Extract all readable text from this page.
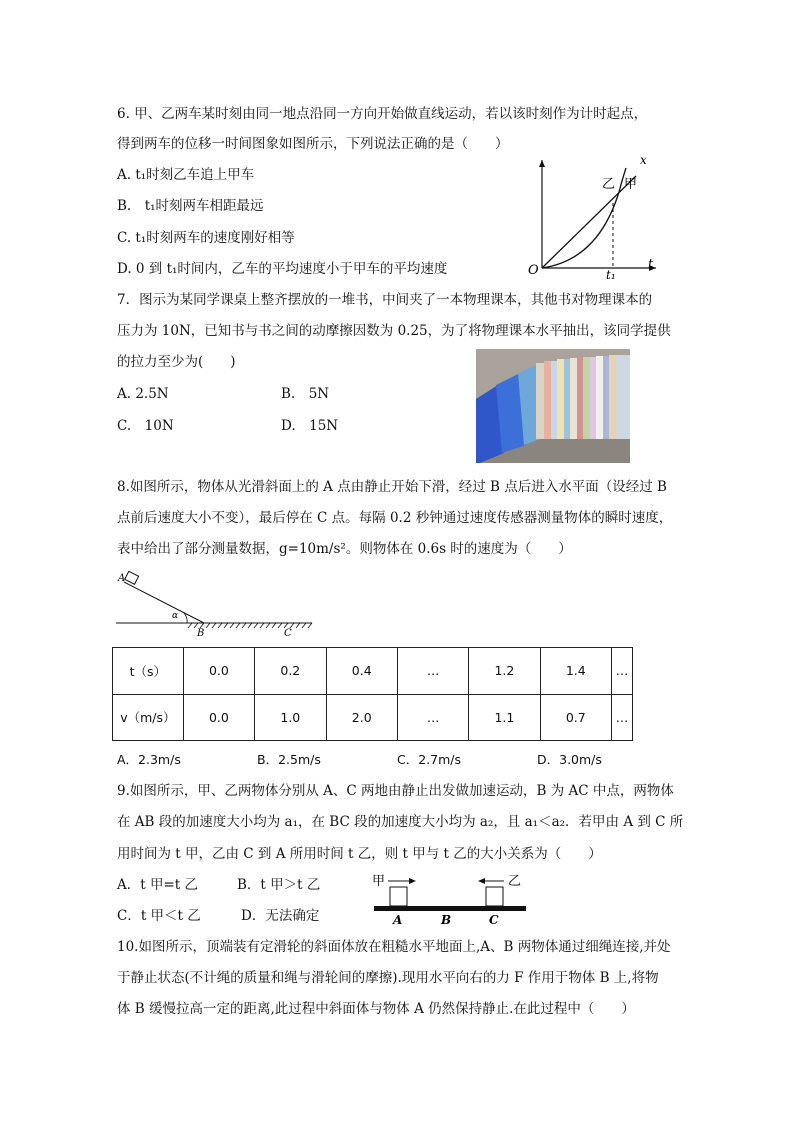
6. 甲、乙两车某时刻由同一地点沿同一方向开始做直线运动，若以该时刻作为计时起点，
得到两车的位移一时间图象如图所示，下列说法正确的是（　　）
A. t₁时刻乙车追上甲车
B.　t₁时刻两车相距最远
C. t₁时刻两车的速度刚好相等
D. 0 到 t₁时间内，乙车的平均速度小于甲车的平均速度
x
t
O	t₁
乙 甲
7．图示为某同学课桌上整齐摆放的一堆书，中间夹了一本物理课本，其他书对物理课本的
压力为 10N，已知书与书之间的动摩擦因数为 0.25，为了将物理课本水平抽出，该同学提供
的拉力至少为(　　)
A. 2.5N	B.　5N
C.　10N	D.　15N
8.如图所示，物体从光滑斜面上的 A 点由静止开始下滑，经过 B 点后进入水平面（设经过 B
点前后速度大小不变），最后停在 C 点。每隔 0.2 秒钟通过速度传感器测量物体的瞬时速度，
表中给出了部分测量数据，g=10m/s²。则物体在 0.6s 时的速度为（　　）
α
A
B	C
t（s）	0.0	0.2	0.4	…	1.2	1.4	…
v（m/s）	0.0	1.0	2.0	…	1.1	0.7	…
A．2.3m/s	B．2.5m/s	C．2.7m/s	D．3.0m/s
9.如图所示，甲、乙两物体分别从 A、C 两地由静止出发做加速运动，B 为 AC 中点，两物体
在 AB 段的加速度大小均为 a₁，在 BC 段的加速度大小均为 a₂，且 a₁＜a₂．若甲由 A 到 C 所
用时间为 t 甲，乙由 C 到 A 所用时间 t 乙，则 t 甲与 t 乙的大小关系为（　　）
A．t 甲=t 乙	B．t 甲＞t 乙
C．t 甲＜t 乙	D．无法确定
甲	乙
A	B	C
10.如图所示，顶端装有定滑轮的斜面体放在粗糙水平地面上,A、B 两物体通过细绳连接,并处
于静止状态(不计绳的质量和绳与滑轮间的摩擦).现用水平向右的力 F 作用于物体 B 上,将物
体 B 缓慢拉高一定的距离,此过程中斜面体与物体 A 仍然保持静止.在此过程中（　　）
